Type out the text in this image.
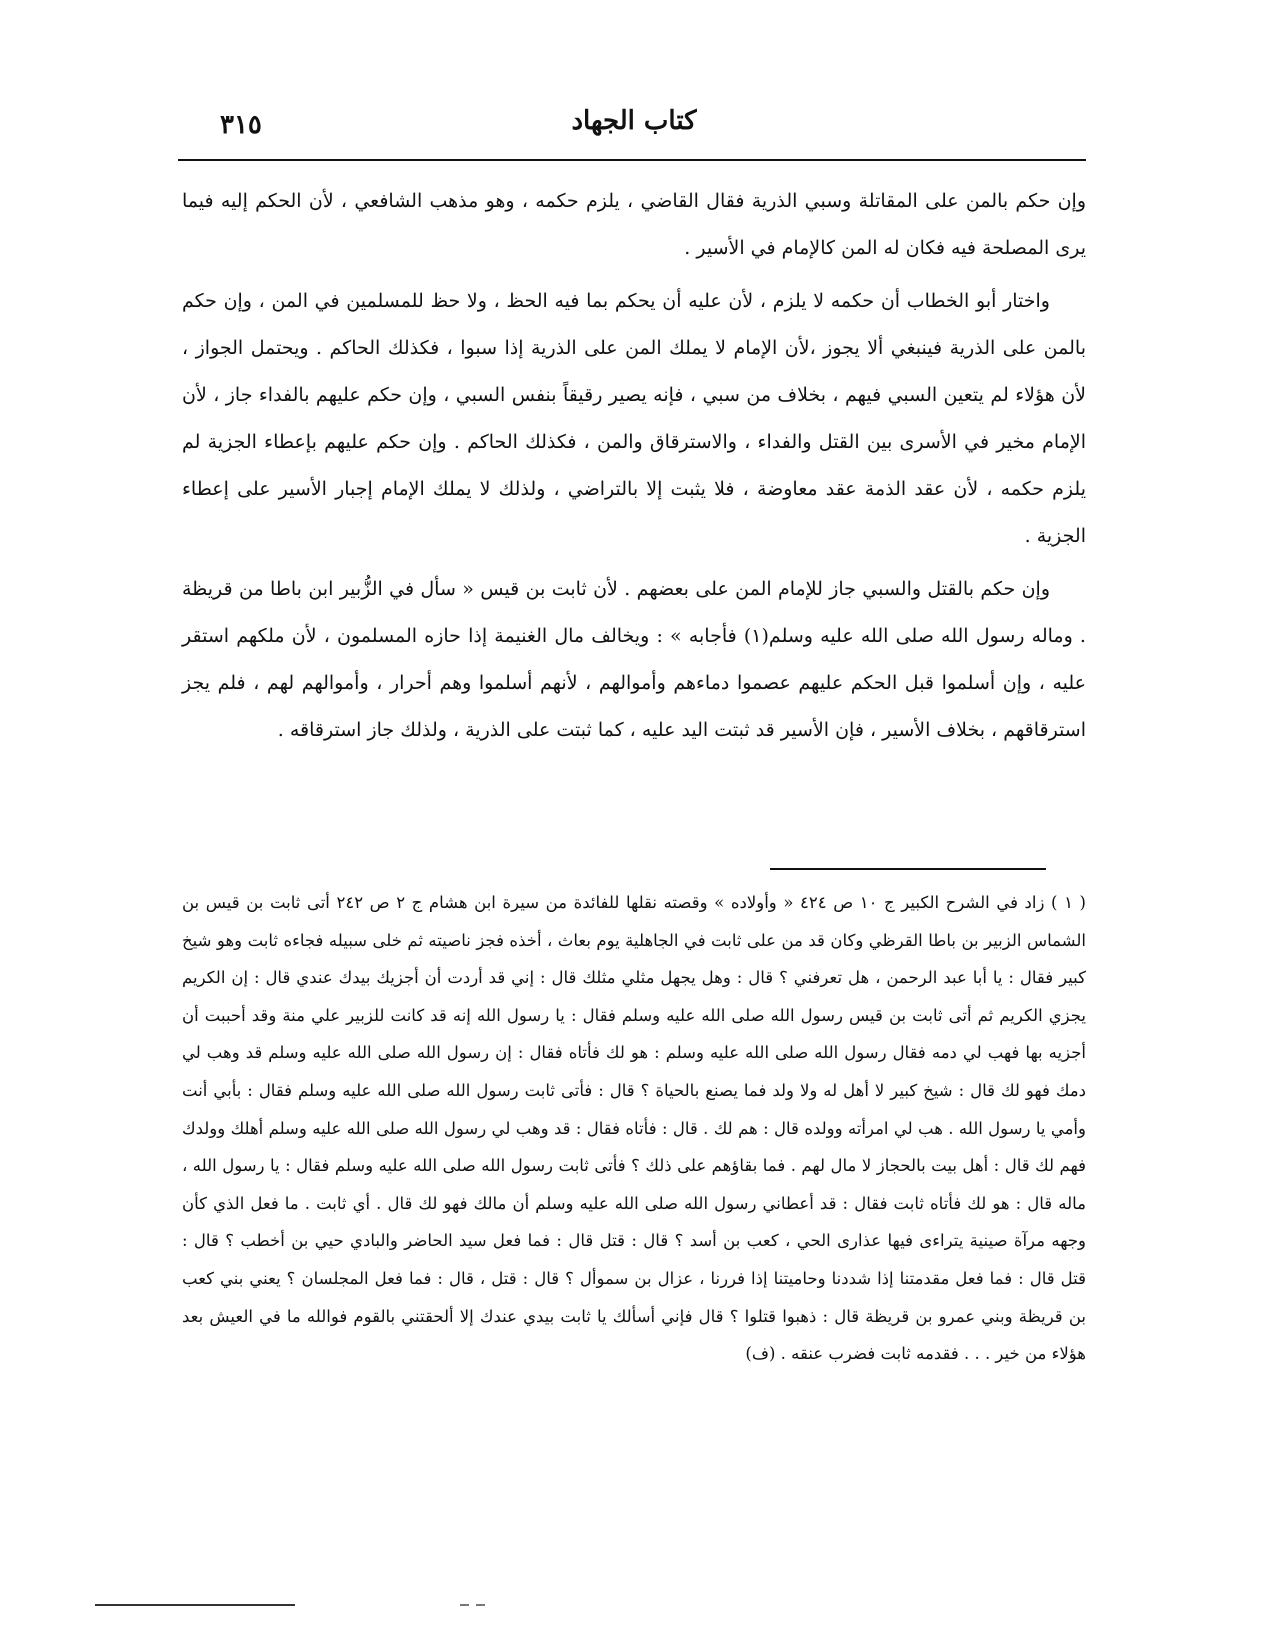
٣١٥	كتاب الجهاد

وإن حكم بالمن على المقاتلة وسبي الذرية فقال القاضي ، يلزم حكمه ، وهو مذهب الشافعي ، لأن الحكم إليه فيما يرى المصلحة فيه فكان له المن كالإمام في الأسير .

واختار أبو الخطاب أن حكمه لا يلزم ، لأن عليه أن يحكم بما فيه الحظ ، ولا حظ للمسلمين في المن ، وإن حكم بالمن على الذرية فينبغي ألا يجوز ،لأن الإمام لا يملك المن على الذرية إذا سبوا ، فكذلك الحاكم . ويحتمل الجواز ، لأن هؤلاء لم يتعين السبي فيهم ، بخلاف من سبي ، فإنه يصير رقيقاً بنفس السبي ، وإن حكم عليهم بالفداء جاز ، لأن الإمام مخير في الأسرى بين القتل والفداء ، والاسترقاق والمن ، فكذلك الحاكم . وإن حكم عليهم بإعطاء الجزية لم يلزم حكمه ، لأن عقد الذمة عقد معاوضة ، فلا يثبت إلا بالتراضي ، ولذلك لا يملك الإمام إجبار الأسير على إعطاء الجزية .

وإن حكم بالقتل والسبي جاز للإمام المن على بعضهم . لأن ثابت بن قيس « سأل في الزُّبير ابن باطا من قريظة . وماله رسول الله صلى الله عليه وسلم(١) فأجابه » : ويخالف مال الغنيمة إذا حازه المسلمون ، لأن ملكهم استقر عليه ، وإن أسلموا قبل الحكم عليهم عصموا دماءهم وأموالهم ، لأنهم أسلموا وهم أحرار ، وأموالهم لهم ، فلم يجز استرقاقهم ، بخلاف الأسير ، فإن الأسير قد ثبتت اليد عليه ، كما ثبتت على الذرية ، ولذلك جاز استرقاقه .

( ١ ) زاد في الشرح الكبير ج ١٠ ص ٤٢٤ « وأولاده » وقصته نقلها للفائدة من سيرة ابن هشام ج ٢ ص ٢٤٢ أتى ثابت بن قيس بن الشماس الزبير بن باطا القرظي وكان قد من على ثابت في الجاهلية يوم بعاث ، أخذه فجز ناصيته ثم خلى سبيله فجاءه ثابت وهو شيخ كبير فقال : يا أبا عبد الرحمن ، هل تعرفني ؟ قال : وهل يجهل مثلي مثلك قال : إني قد أردت أن أجزيك بيدك عندي قال : إن الكريم يجزي الكريم ثم أتى ثابت بن قيس رسول الله صلى الله عليه وسلم فقال : يا رسول الله إنه قد كانت للزبير علي منة وقد أحببت أن أجزيه بها فهب لي دمه فقال رسول الله صلى الله عليه وسلم : هو لك فأتاه فقال : إن رسول الله صلى الله عليه وسلم قد وهب لي دمك فهو لك قال : شيخ كبير لا أهل له ولا ولد فما يصنع بالحياة ؟ قال : فأتى ثابت رسول الله صلى الله عليه وسلم فقال : بأبي أنت وأمي يا رسول الله . هب لي امرأته وولده قال : هم لك . قال : فأتاه فقال : قد وهب لي رسول الله صلى الله عليه وسلم أهلك وولدك فهم لك قال : أهل بيت بالحجاز لا مال لهم . فما بقاؤهم على ذلك ؟ فأتى ثابت رسول الله صلى الله عليه وسلم فقال : يا رسول الله ، ماله قال : هو لك فأتاه ثابت فقال : قد أعطاني رسول الله صلى الله عليه وسلم أن مالك فهو لك قال . أي ثابت . ما فعل الذي كأن وجهه مرآة صينية يتراءى فيها عذارى الحي ، كعب بن أسد ؟ قال : قتل قال : فما فعل سيد الحاضر والبادي حيي بن أخطب ؟ قال : قتل قال : فما فعل مقدمتنا إذا شددنا وحاميتنا إذا فررنا ، عزال بن سموأل ؟ قال : قتل ، قال : فما فعل المجلسان ؟ يعني بني كعب بن قريظة وبني عمرو بن قريظة قال : ذهبوا قتلوا ؟ قال فإني أسألك يا ثابت بيدي عندك إلا ألحقتني بالقوم فوالله ما في العيش بعد هؤلاء من خير . . . فقدمه ثابت فضرب عنقه . (ف)
